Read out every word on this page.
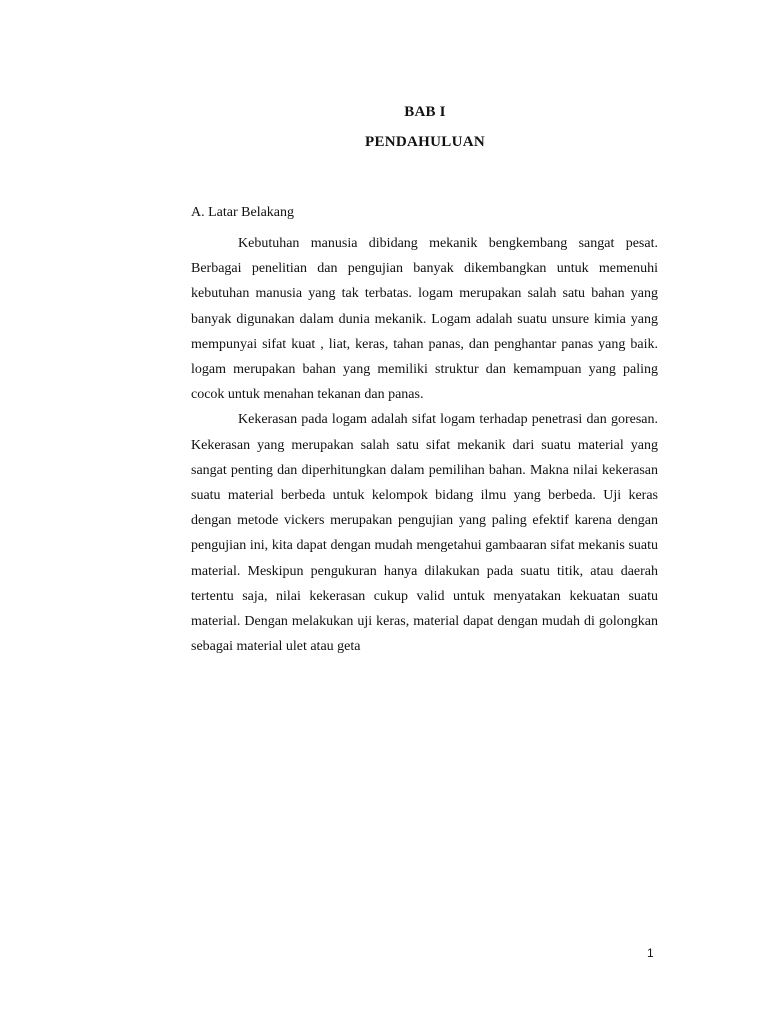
BAB I
PENDAHULUAN
A. Latar Belakang

Kebutuhan manusia dibidang mekanik bengkembang sangat pesat. Berbagai penelitian dan pengujian banyak dikembangkan untuk memenuhi kebutuhan manusia yang tak terbatas. logam merupakan salah satu bahan yang banyak digunakan dalam dunia mekanik. Logam adalah suatu unsure kimia yang mempunyai sifat kuat , liat, keras, tahan panas, dan penghantar panas yang baik. logam merupakan bahan yang memiliki struktur dan kemampuan yang paling cocok untuk menahan tekanan dan panas.

Kekerasan pada logam adalah sifat logam terhadap penetrasi dan goresan. Kekerasan yang merupakan salah satu sifat mekanik dari suatu material yang sangat penting dan diperhitungkan dalam pemilihan bahan. Makna nilai kekerasan suatu material berbeda untuk kelompok bidang ilmu yang berbeda. Uji keras dengan metode vickers merupakan pengujian yang paling efektif karena dengan pengujian ini, kita dapat dengan mudah mengetahui gambaaran sifat mekanis suatu material. Meskipun pengukuran hanya dilakukan pada suatu titik, atau daerah tertentu saja, nilai kekerasan cukup valid untuk menyatakan kekuatan suatu material. Dengan melakukan uji keras, material dapat dengan mudah di golongkan sebagai material ulet atau geta

1
